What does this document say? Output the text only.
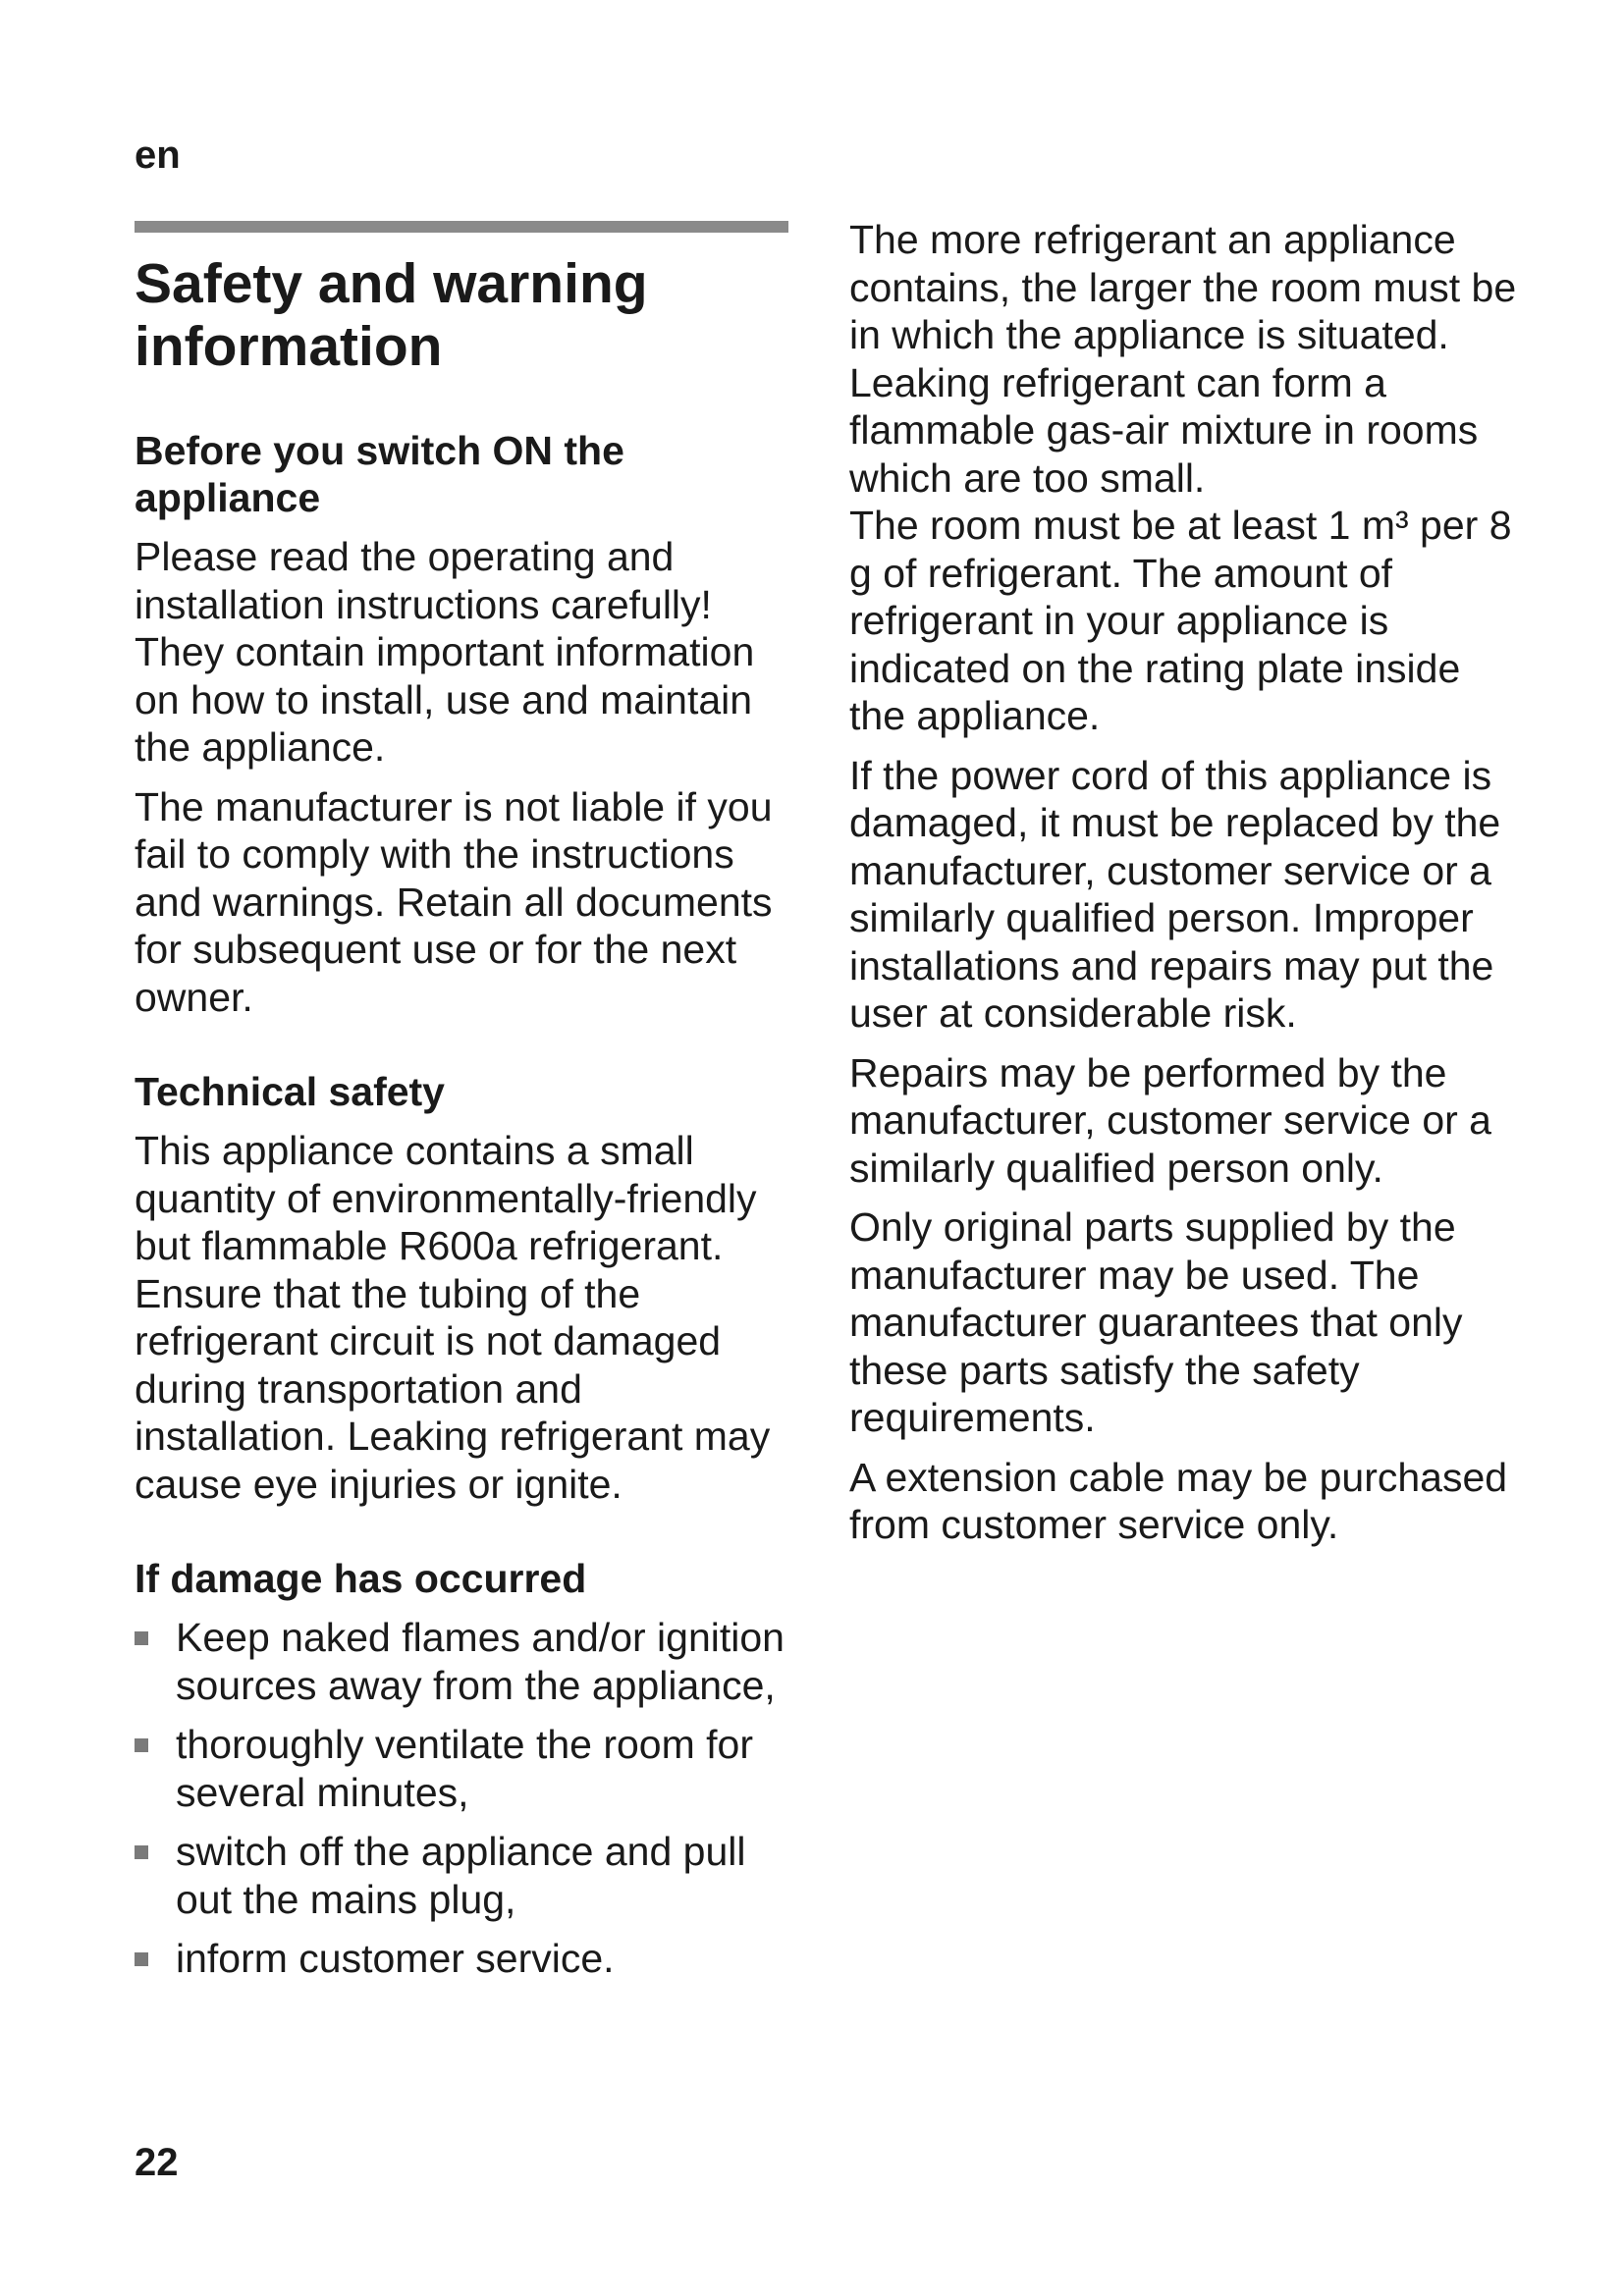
en
Safety and warning information
Before you switch ON the appliance

Please read the operating and installation instructions carefully! They contain important information on how to install, use and maintain the appliance.

The manufacturer is not liable if you fail to comply with the instructions and warnings. Retain all documents for subsequent use or for the next owner.

Technical safety

This appliance contains a small quantity of environmentally-friendly but flammable R600a refrigerant. Ensure that the tubing of the refrigerant circuit is not damaged during transportation and installation. Leaking refrigerant may cause eye injuries or ignite.

If damage has occurred
Keep naked flames and/or ignition sources away from the appliance,
thoroughly ventilate the room for several minutes,
switch off the appliance and pull out the mains plug,
inform customer service.

The more refrigerant an appliance contains, the larger the room must be in which the appliance is situated. Leaking refrigerant can form a flammable gas-air mixture in rooms which are too small.

The room must be at least 1 m³ per 8 g of refrigerant. The amount of refrigerant in your appliance is indicated on the rating plate inside the appliance.

If the power cord of this appliance is damaged, it must be replaced by the manufacturer, customer service or a similarly qualified person. Improper installations and repairs may put the user at considerable risk.

Repairs may be performed by the manufacturer, customer service or a similarly qualified person only.

Only original parts supplied by the manufacturer may be used. The manufacturer guarantees that only these parts satisfy the safety requirements.

A extension cable may be purchased from customer service only.

22
